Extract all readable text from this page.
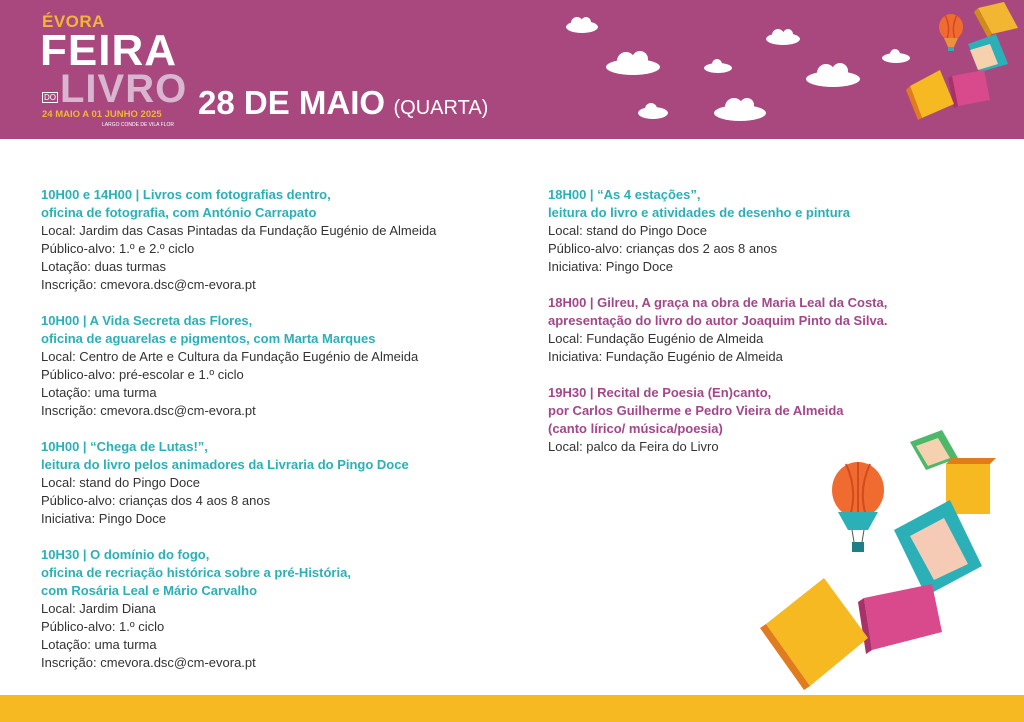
ÉVORA
FEIRA
DO LIVRO
24 MAIO A 01 JUNHO 2025
LARGO CONDE DE VILA FLOR
28 DE MAIO (QUARTA)
10H00 e 14H00 | Livros com fotografias dentro,
oficina de fotografia, com António Carrapato
Local: Jardim das Casas Pintadas da Fundação Eugénio de Almeida
Público-alvo: 1.º e 2.º ciclo
Lotação: duas turmas
Inscrição: cmevora.dsc@cm-evora.pt
10H00 | A Vida Secreta das Flores,
oficina de aguarelas e pigmentos, com Marta Marques
Local: Centro de Arte e Cultura da Fundação Eugénio de Almeida
Público-alvo: pré-escolar e 1.º ciclo
Lotação: uma turma
Inscrição: cmevora.dsc@cm-evora.pt
10H00 | “Chega de Lutas!”,
leitura do livro pelos animadores da Livraria do Pingo Doce
Local: stand do Pingo Doce
Público-alvo: crianças dos 4 aos 8 anos
Iniciativa: Pingo Doce
10H30 | O domínio do fogo,
oficina de recriação histórica sobre a pré-História,
com Rosária Leal e Mário Carvalho
Local: Jardim Diana
Público-alvo: 1.º ciclo
Lotação: uma turma
Inscrição: cmevora.dsc@cm-evora.pt
18H00 | “As 4 estações”,
leitura do livro e atividades de desenho e pintura
Local: stand do Pingo Doce
Público-alvo: crianças dos 2 aos 8 anos
Iniciativa: Pingo Doce
18H00 | Gilreu, A graça na obra de Maria Leal da Costa,
apresentação do livro do autor Joaquim Pinto da Silva.
Local: Fundação Eugénio de Almeida
Iniciativa: Fundação Eugénio de Almeida
19H30 | Recital de Poesia (En)canto,
por Carlos Guilherme e Pedro Vieira de Almeida
(canto lírico/ música/poesia)
Local: palco da Feira do Livro
